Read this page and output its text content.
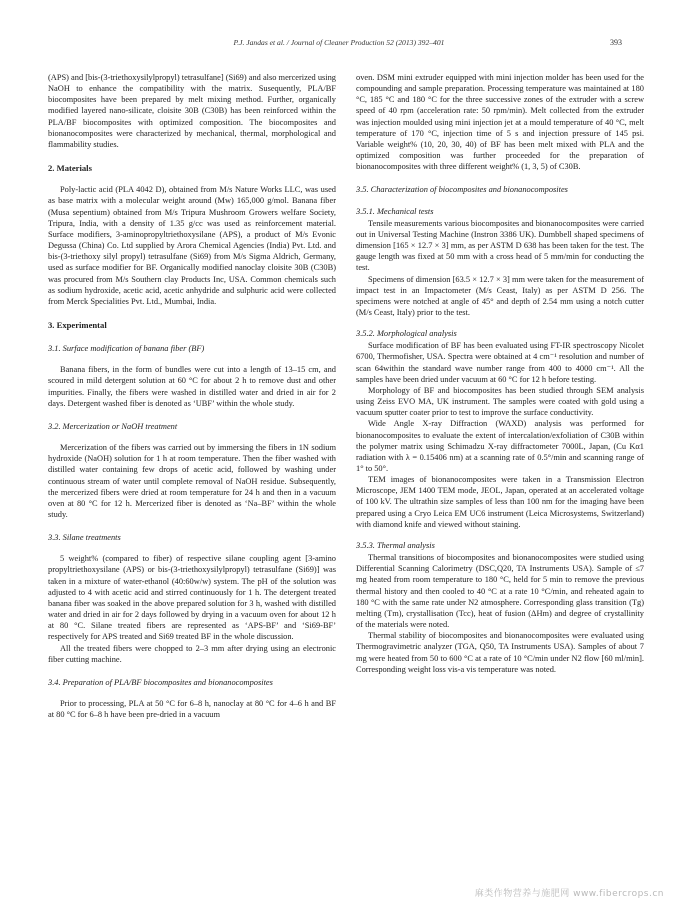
P.J. Jandas et al. / Journal of Cleaner Production 52 (2013) 392–401	393

(APS) and [bis-(3-triethoxysilylpropyl) tetrasulfane] (Si69) and also mercerized using NaOH to enhance the compatibility with the matrix. Susequently, PLA/BF biocomposites have been prepared by melt mixing method. Further, organically modified layered nano-silicate, cloisite 30B (C30B) has been reinforced within the PLA/BF biocomposites with optimized composition. The biocomposites and bionanocomposites were characterized by mechanical, thermal, morphological and flammability studies.

2. Materials

Poly-lactic acid (PLA 4042 D), obtained from M/s Nature Works LLC, was used as base matrix with a molecular weight around (Mw) 165,000 g/mol. Banana fiber (Musa sepentium) obtained from M/s Tripura Mushroom Growers welfare Society, Tripura, India, with a density of 1.35 g/cc was used as reinforcement material. Surface modifiers, 3-aminopropyltriethoxysilane (APS), a product of M/s Evonic Degussa (China) Co. Ltd supplied by Arora Chemical Agencies (India) Pvt. Ltd. and bis-(3-triethoxy silyl propyl) tetrasulfane (Si69) from M/s Sigma Aldrich, Germany, used as surface modifier for BF. Organically modified nanoclay cloisite 30B (C30B) was procured from M/s Southern clay Products Inc, USA. Common chemicals such as sodium hydroxide, acetic acid, acetic anhydride and sulphuric acid were collected from Merck Specialities Pvt. Ltd., Mumbai, India.

3. Experimental
3.1. Surface modification of banana fiber (BF)

Banana fibers, in the form of bundles were cut into a length of 13–15 cm, and scoured in mild detergent solution at 60 °C for about 2 h to remove dust and other impurities. Finally, the fibers were washed in distilled water and dried in air for 2 days. Detergent washed fiber is denoted as ‘UBF’ within the whole study.

3.2. Mercerization or NaOH treatment

Mercerization of the fibers was carried out by immersing the fibers in 1N sodium hydroxide (NaOH) solution for 1 h at room temperature. Then the fiber washed with distilled water containing few drops of acetic acid, followed by washing under continuous stream of water until complete removal of NaOH residue. Subsequently, the mercerized fibers were dried at room temperature for 24 h and then in a vacuum oven at 80 °C for 12 h. Mercerized fiber is denoted as ‘Na–BF’ within the whole study.

3.3. Silane treatments

5 weight% (compared to fiber) of respective silane coupling agent [3-amino propyltriethoxysilane (APS) or bis-(3-triethoxysilylpropyl) tetrasulfane (Si69)] was taken in a mixture of water-ethanol (40:60w/w) system. The pH of the solution was adjusted to 4 with acetic acid and stirred continuously for 1 h. The detergent treated banana fiber was soaked in the above prepared solution for 3 h, washed with distilled water and dried in air for 2 days followed by drying in a vacuum oven for about 12 h at 80 °C. Silane treated fibers are represented as ‘APS-BF’ and ‘Si69-BF’ respectively for APS treated and Si69 treated BF in the whole discussion.

All the treated fibers were chopped to 2–3 mm after drying using an electronic fiber cutting machine.

3.4. Preparation of PLA/BF biocomposites and bionanocomposites

Prior to processing, PLA at 50 °C for 6–8 h, nanoclay at 80 °C for 4–6 h and BF at 80 °C for 6–8 h have been pre-dried in a vacuum

oven. DSM mini extruder equipped with mini injection molder has been used for the compounding and sample preparation. Processing temperature was maintained at 180 °C, 185 °C and 180 °C for the three successive zones of the extruder with a screw speed of 40 rpm (acceleration rate: 50 rpm/min). Melt collected from the extruder was injection moulded using mini injection jet at a mould temperature of 40 °C, melt temperature of 170 °C, injection time of 5 s and injection pressure of 145 psi. Variable weight% (10, 20, 30, 40) of BF has been melt mixed with PLA and the optimized composition was further proceeded for the preparation of bionanocomposites with three different weight% (1, 3, 5) of C30B.

3.5. Characterization of biocomposites and bionanocomposites
3.5.1. Mechanical tests

Tensile measurements various biocomposites and bionanocomposites were carried out in Universal Testing Machine (Instron 3386 UK). Dumbbell shaped specimens of dimension [165 × 12.7 × 3] mm, as per ASTM D 638 has been taken for the test. The gauge length was fixed at 50 mm with a cross head of 5 mm/min for conducting the test.

Specimens of dimension [63.5 × 12.7 × 3] mm were taken for the measurement of impact test in an Impactometer (M/s Ceast, Italy) as per ASTM D 256. The specimens were notched at angle of 45° and depth of 2.54 mm using a notch cutter (M/s Ceast, Italy) prior to the test.

3.5.2. Morphological analysis

Surface modification of BF has been evaluated using FT-IR spectroscopy Nicolet 6700, Thermofisher, USA. Spectra were obtained at 4 cm⁻¹ resolution and number of scan 64within the standard wave number range from 400 to 4000 cm⁻¹. All the samples have been dried under vacuum at 60 °C for 12 h before testing.

Morphology of BF and biocomposites has been studied through SEM analysis using Zeiss EVO MA, UK instrument. The samples were coated with gold using a vacuum sputter coater prior to test to improve the surface conductivity.

Wide Angle X-ray Diffraction (WAXD) analysis was performed for bionanocomposites to evaluate the extent of intercalation/exfoliation of C30B within the polymer matrix using Schimadzu X-ray diffractometer 7000L, Japan, (Cu Kα1 radiation with λ = 0.15406 nm) at a scanning rate of 0.5°/min and scanning range of 1° to 50°.

TEM images of bionanocomposites were taken in a Transmission Electron Microscope, JEM 1400 TEM mode, JEOL, Japan, operated at an accelerated voltage of 100 kV. The ultrathin size samples of less than 100 nm for the imaging have been prepared using a Cryo Leica EM UC6 instrument (Leica Microsystems, Switzerland) with diamond knife and viewed without staining.

3.5.3. Thermal analysis

Thermal transitions of biocomposites and bionanocomposites were studied using Differential Scanning Calorimetry (DSC,Q20, TA Instruments USA). Sample of ≤7 mg heated from room temperature to 180 °C, held for 5 min to remove the previous thermal history and then cooled to 40 °C at a rate 10 °C/min, and reheated again to 180 °C with the same rate under N2 atmosphere. Corresponding glass transition (Tg) melting (Tm), crystallisation (Tcc), heat of fusion (ΔHm) and degree of crystallinity of the materials were noted.

Thermal stability of biocomposites and bionanocomposites were evaluated using Thermogravimetric analyzer (TGA, Q50, TA Instruments USA). Samples of about 7 mg were heated from 50 to 600 °C at a rate of 10 °C/min under N2 flow [60 ml/min]. Corresponding weight loss vis-a vis temperature was noted.

麻类作物营养与施肥网 www.fibercrops.cn
